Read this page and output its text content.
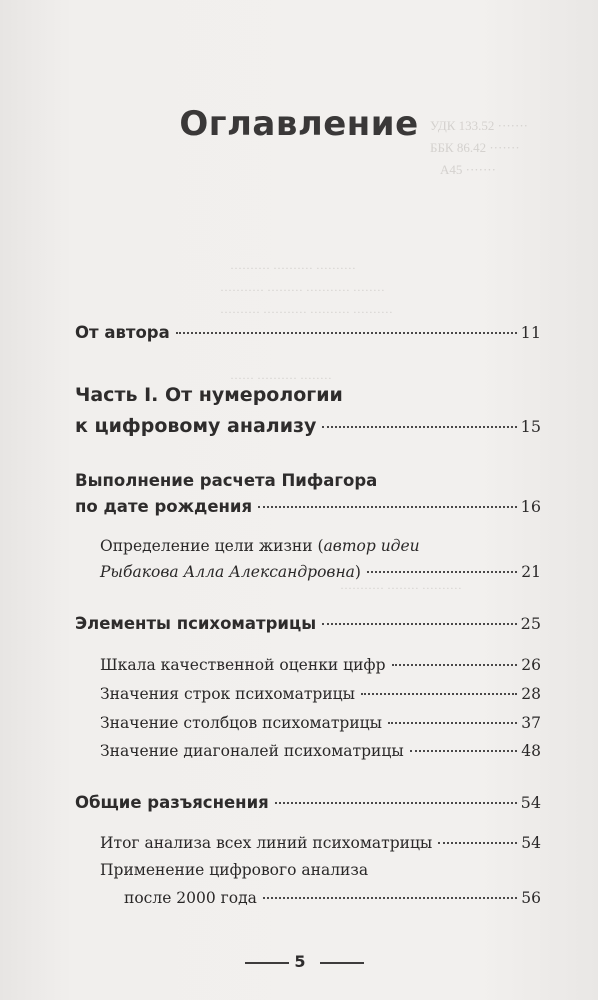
УДК 133.52 ·······
ББК 86.42 ·······
А45 ·······
·········· ·········· ··········
··········· ········· ··········· ········
·········· ··········· ·········· ··········
······ ·········· ········
··········· ········ ··········
Оглавление
От автора	11
Часть I. От нумерологии
к цифровому анализу	15
Выполнение расчета Пифагора
по дате рождения	16
Определение цели жизни (автор идеи
Рыбакова Алла Александровна)	21
Элементы психоматрицы	25
Шкала качественной оценки цифр	26
Значения строк психоматрицы	28
Значение столбцов психоматрицы	37
Значение диагоналей психоматрицы	48
Общие разъяснения	54
Итог анализа всех линий психоматрицы	54
Применение цифрового анализа
после 2000 года	56
5
